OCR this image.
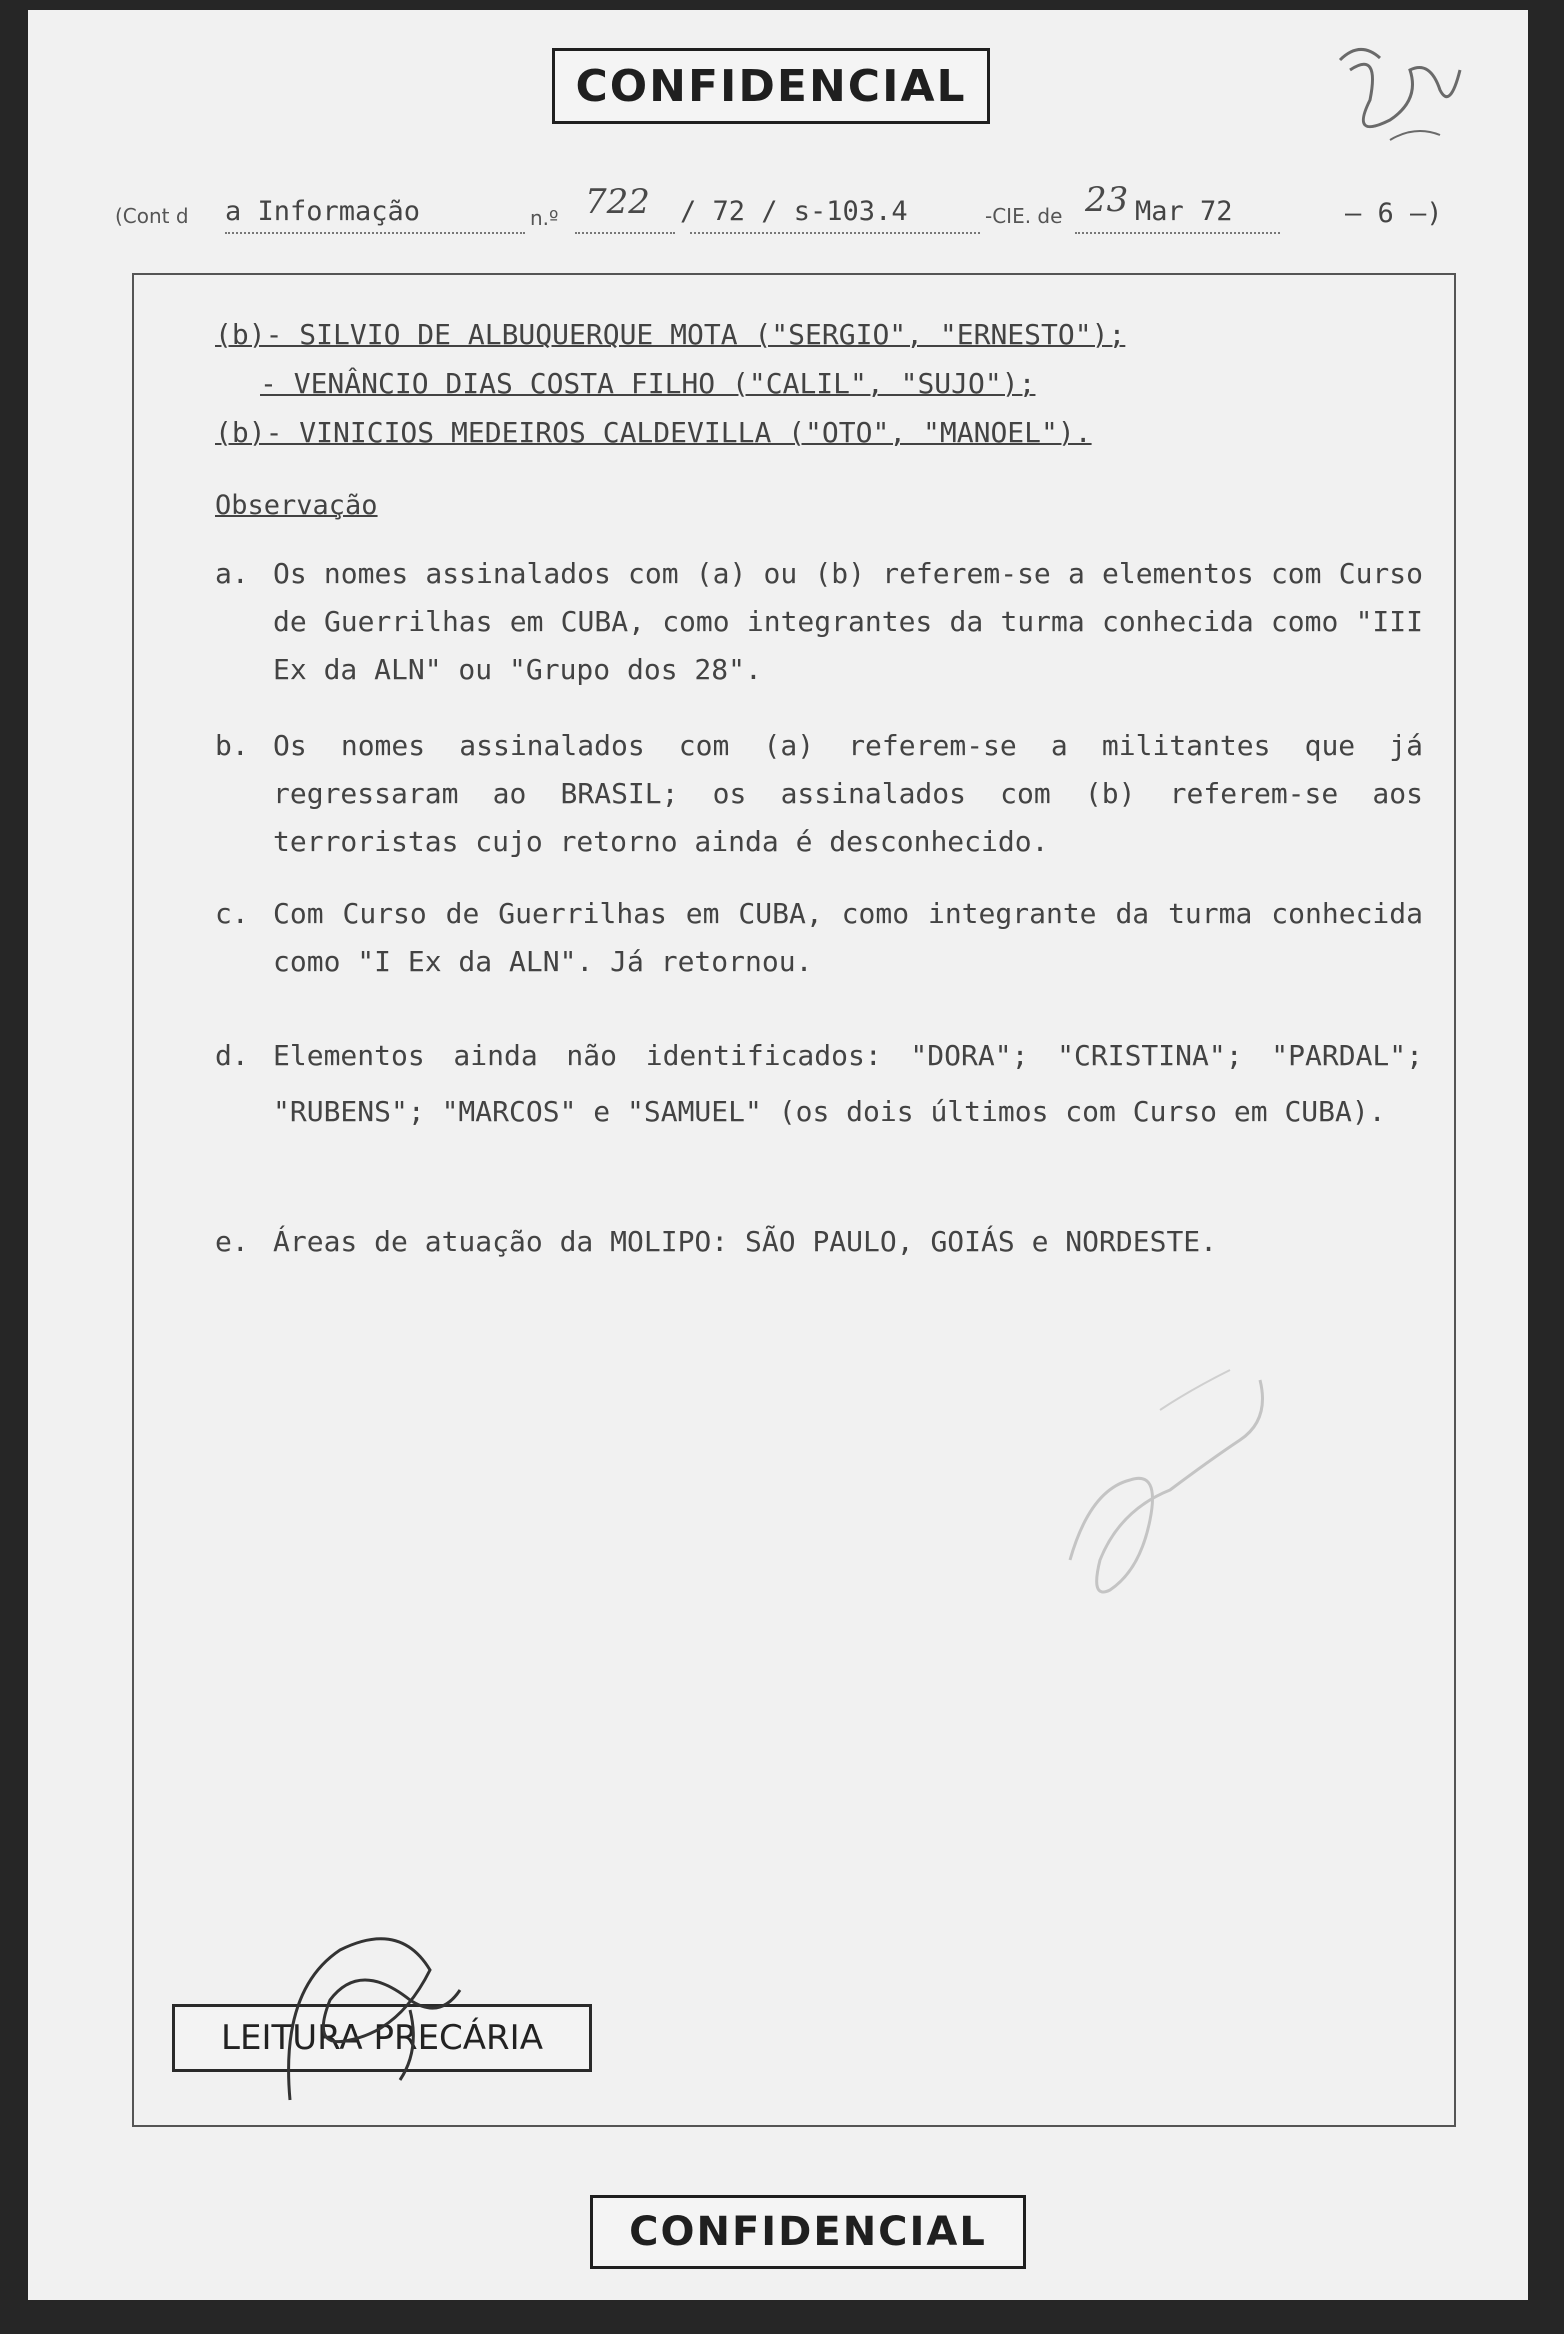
CONFIDENCIAL
(Cont d a Informação	n.º 722 / 72 / s-103.4	-CIE. de 23 Mar 72	— 6 —)
(b)- SILVIO DE ALBUQUERQUE MOTA ("SERGIO", "ERNESTO");
- VENÂNCIO DIAS COSTA FILHO ("CALIL", "SUJO");
(b)- VINICIOS MEDEIROS CALDEVILLA ("OTO", "MANOEL").
Observação
a. Os nomes assinalados com (a) ou (b) referem-se a elementos com Curso de Guerrilhas em CUBA, como integrantes da turma conhecida como "III Ex da ALN" ou "Grupo dos 28".
b. Os nomes assinalados com (a) referem-se a militantes que já regressaram ao BRASIL; os assinalados com (b) referem-se aos terroristas cujo retorno ainda é desconhecido.
c. Com Curso de Guerrilhas em CUBA, como integrante da turma conhecida como "I Ex da ALN". Já retornou.
d. Elementos ainda não identificados: "DORA"; "CRISTINA"; "PARDAL"; "RUBENS"; "MARCOS" e "SAMUEL" (os dois últimos com Curso em CUBA).
e. Áreas de atuação da MOLIPO: SÃO PAULO, GOIÁS e NORDESTE.
LEITURA PRECÁRIA
CONFIDENCIAL
